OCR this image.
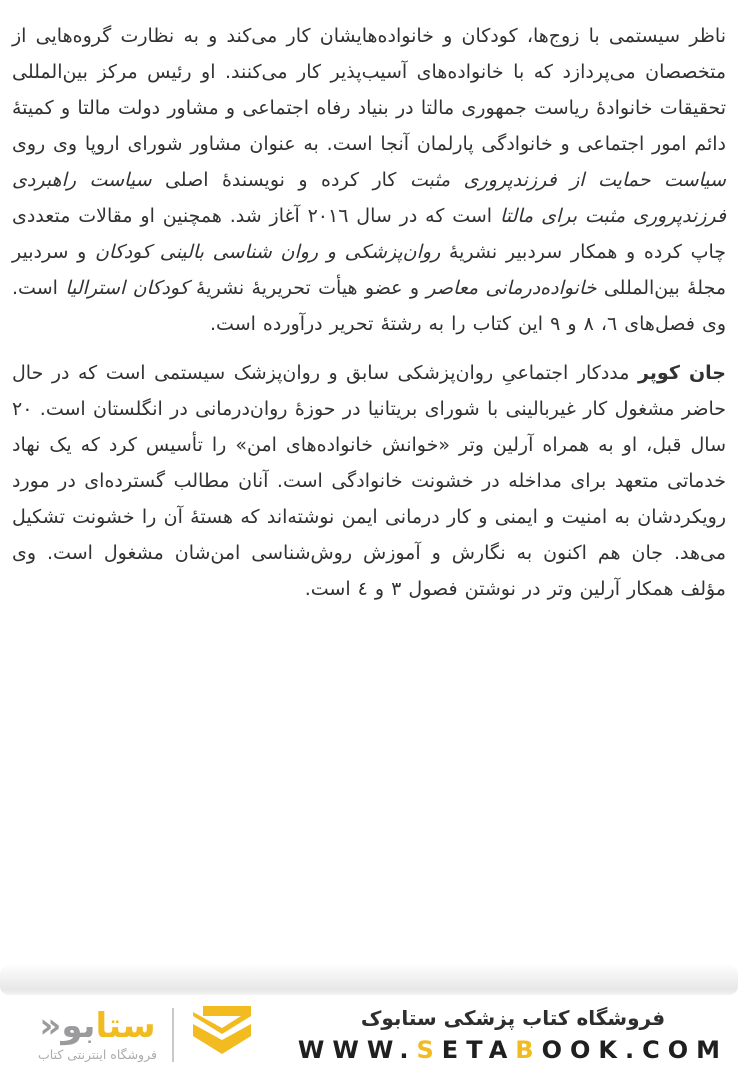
ناظر سیستمی با زوج‌ها، کودکان و خانواده‌هایشان کار می‌کند و به نظارت گروه‌هایی از متخصصان می‌پردازد که با خانواده‌های آسیب‌پذیر کار می‌کنند. او رئیس مرکز بین‌المللی تحقیقات خانوادهٔ ریاست جمهوری مالتا در بنیاد رفاه اجتماعی و مشاور دولت مالتا و کمیتهٔ دائم امور اجتماعی و خانوادگی پارلمان آنجا است. به عنوان مشاور شورای اروپا وی روی سیاست حمایت از فرزندپروری مثبت کار کرده و نویسندهٔ اصلی سیاست راهبردی فرزندپروری مثبت برای مالتا است که در سال ٢٠١٦ آغاز شد. همچنین او مقالات متعددی چاپ کرده و همکار سردبیر نشریهٔ روان‌پزشکی و روان شناسی بالینی کودکان و سردبیر مجلهٔ بین‌المللی خانواده‌درمانی معاصر و عضو هیأت تحریریهٔ نشریهٔ کودکان استرالیا است. وی فصل‌های ٦، ٨ و ٩ این کتاب را به رشتهٔ تحریر درآورده است.

جان کوپر مددکار اجتماعیِ روان‌پزشکی سابق و روان‌پزشک سیستمی است که در حال حاضر مشغول کار غیربالینی با شورای بریتانیا در حوزهٔ روان‌درمانی در انگلستان است. ٢٠ سال قبل، او به همراه آرلین وتر «خوانش خانواده‌های امن» را تأسیس کرد که یک نهاد خدماتی متعهد برای مداخله در خشونت خانوادگی است. آنان مطالب گسترده‌ای در مورد رویکردشان به امنیت و ایمنی و کار درمانی ایمن نوشته‌اند که هستهٔ آن را خشونت تشکیل می‌هد. جان هم اکنون به نگارش و آموزش روش‌شناسی امن‌شان مشغول است. وی مؤلف همکار آرلین وتر در نوشتن فصول ٣ و ٤ است.

ستابو«
فروشگاه اینترنتی کتاب
فروشگاه کتاب پزشکی ستابوک
WWW.SETABOOK.COM
